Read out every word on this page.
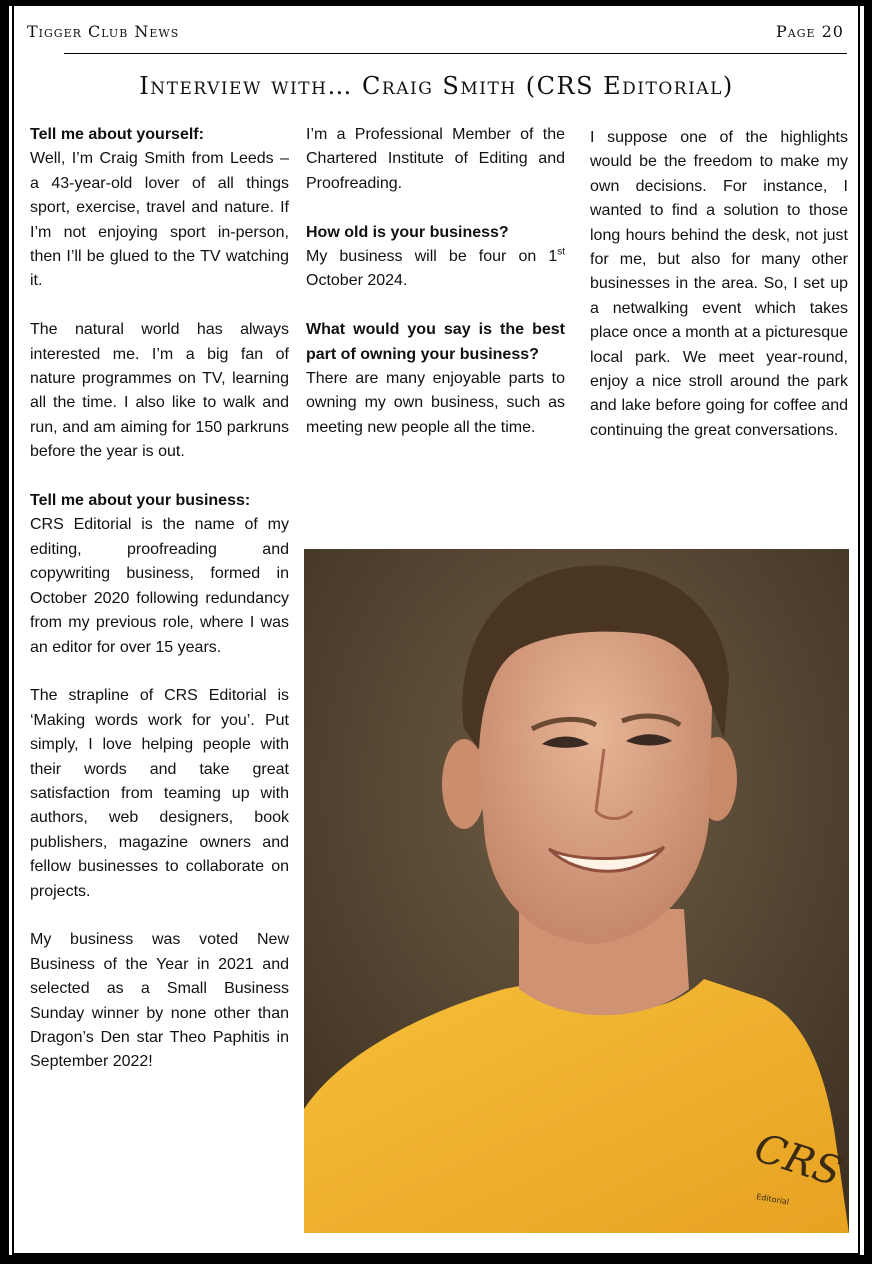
Tigger Club News	Page 20
Interview with… Craig Smith (CRS Editorial)

Tell me about yourself:

Well, I’m Craig Smith from Leeds – a 43-year-old lover of all things sport, exercise, travel and nature. If I’m not enjoying sport in-person, then I’ll be glued to the TV watching it.

The natural world has always interested me. I’m a big fan of nature programmes on TV, learning all the time. I also like to walk and run, and am aiming for 150 parkruns before the year is out.

Tell me about your business:

CRS Editorial is the name of my editing, proofreading and copywriting business, formed in October 2020 following redundancy from my previous role, where I was an editor for over 15 years.

The strapline of CRS Editorial is ‘Making words work for you’. Put simply, I love helping people with their words and take great satisfaction from teaming up with authors, web designers, book publishers, magazine owners and fellow businesses to collaborate on projects.

My business was voted New Business of the Year in 2021 and selected as a Small Business Sunday winner by none other than Dragon’s Den star Theo Paphitis in September 2022!

I’m a Professional Member of the Chartered Institute of Editing and Proofreading.

How old is your business?

My business will be four on 1st October 2024.

What would you say is the best part of owning your business?

There are many enjoyable parts to owning my own business, such as meeting new people all the time.

I suppose one of the highlights would be the freedom to make my own decisions. For instance, I wanted to find a solution to those long hours behind the desk, not just for me, but also for many other businesses in the area. So, I set up a netwalking event which takes place once a month at a picturesque local park. We meet year-round, enjoy a nice stroll around the park and lake before going for coffee and continuing the great conversations.

CRS
Editorial
